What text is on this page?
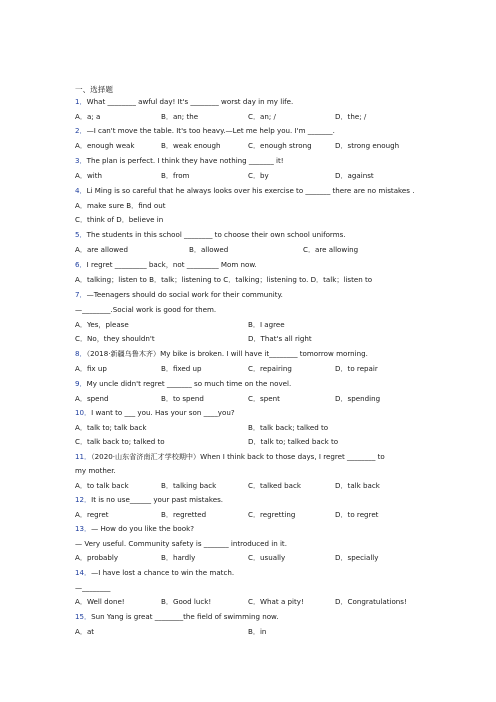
一、选择题
1．What ________ awful day! It's ________ worst day in my life.
A．a; a	B．an; the	C．an; /	D．the; /
2．—I can't move the table. It's too heavy.—Let me help you. I'm _______.
A．enough weak	B．weak enough	C．enough strong	D．strong enough
3．The plan is perfect. I think they have nothing _______ it!
A．with	B．from	C．by	D．against
4．Li Ming is so careful that he always looks over his exercise to _______ there are no mistakes .
A．make sure B．find out
C．think of D．believe in
5．The students in this school ________ to choose their own school uniforms.
A．are allowed	B．allowed	C．are allowing
6．I regret _________ back，not _________ Mom now.
A．talking；listen to B．talk；listening to C．talking；listening to. D．talk；listen to
7．—Teenagers should do social work for their community.
—________.Social work is good for them.
A．Yes，please	B．I agree
C．No，they shouldn't	D．That's all right
8．（2018·新疆乌鲁木齐）My bike is broken. I will have it________ tomorrow morning.
A．fix up	B．fixed up	C．repairing	D．to repair
9．My uncle didn't regret _______ so much time on the novel.
A．spend	B．to spend	C．spent	D．spending
10．I want to ___ you. Has your son ____you?
A．talk to; talk back	B．talk back; talked to
C．talk back to; talked to	D．talk to; talked back to
11．（2020·山东省济南汇才学校期中）When I think back to those days, I regret ________ to
my mother.
A．to talk back	B．talking back	C．talked back	D．talk back
12．It is no use______ your past mistakes.
A．regret	B．regretted	C．regretting	D．to regret
13．— How do you like the book?
— Very useful. Community safety is _______ introduced in it.
A．probably	B．hardly	C．usually	D．specially
14．—I have lost a chance to win the match.
—________
A．Well done!	B．Good luck!	C．What a pity!	D．Congratulations!
15．Sun Yang is great ________the field of swimming now.
A．at	B．in
